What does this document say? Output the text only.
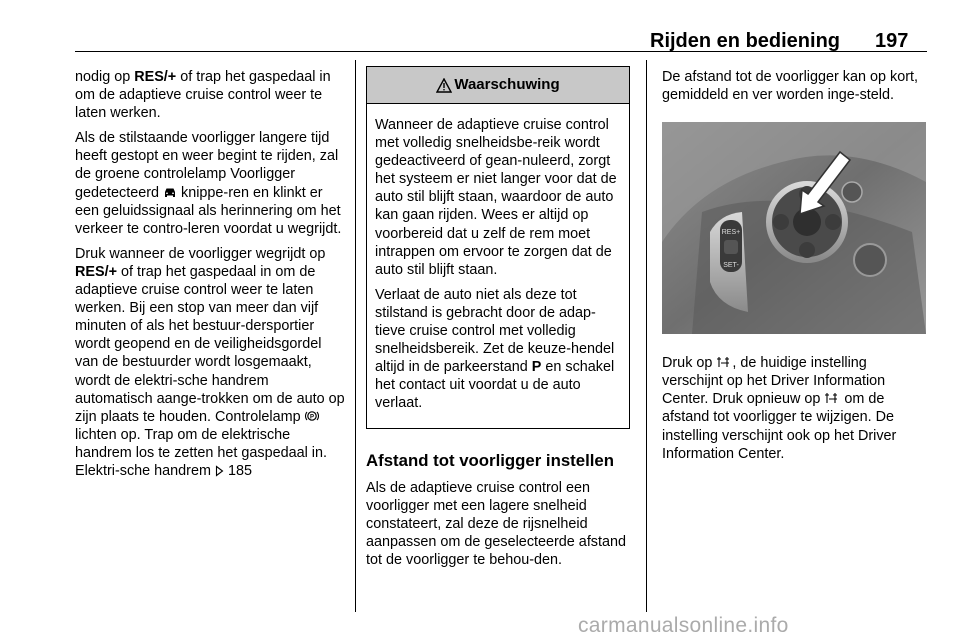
Rijden en bediening	197

nodig op RES/+ of trap het gaspedaal in om de adaptieve cruise control weer te laten werken.

Als de stilstaande voorligger langere tijd heeft gestopt en weer begint te rijden, zal de groene controlelamp Voorligger gedetecteerd  knippe-ren en klinkt er een geluidssignaal als herinnering om het verkeer te contro-leren voordat u wegrijdt.

Druk wanneer de voorligger wegrijdt op RES/+ of trap het gaspedaal in om de adaptieve cruise control weer te laten werken. Bij een stop van meer dan vijf minuten of als het bestuur-dersportier wordt geopend en de veiligheidsgordel van de bestuurder wordt losgemaakt, wordt de elektri-sche handrem automatisch aange-trokken om de auto op zijn plaats te houden. Controlelamp P
lichten op. Trap om de elektrische handrem los te zetten het gaspedaal in. Elektri-sche handrem  185

Waarschuwing

Wanneer de adaptieve cruise control met volledig snelheidsbe-reik wordt gedeactiveerd of gean-nuleerd, zorgt het systeem er niet langer voor dat de auto stil blijft staan, waardoor de auto kan gaan rijden. Wees er altijd op voorbereid dat u zelf de rem moet intrappen om ervoor te zorgen dat de auto stil blijft staan.

Verlaat de auto niet als deze tot stilstand is gebracht door de adap-tieve cruise control met volledig snelheidsbereik. Zet de keuze-hendel altijd in de parkeerstand P en schakel het contact uit voordat u de auto verlaat.

Afstand tot voorligger instellen

Als de adaptieve cruise control een voorligger met een lagere snelheid constateert, zal deze de rijsnelheid aanpassen om de geselecteerde afstand tot de voorligger te behou-den.

De afstand tot de voorligger kan op kort, gemiddeld en ver worden inge-steld.

RES+
SET-

Druk op , de huidige instelling verschijnt op het Driver Information Center. Druk opnieuw op  om de afstand tot voorligger te wijzigen. De instelling verschijnt ook op het Driver Information Center.

carmanualsonline.info
